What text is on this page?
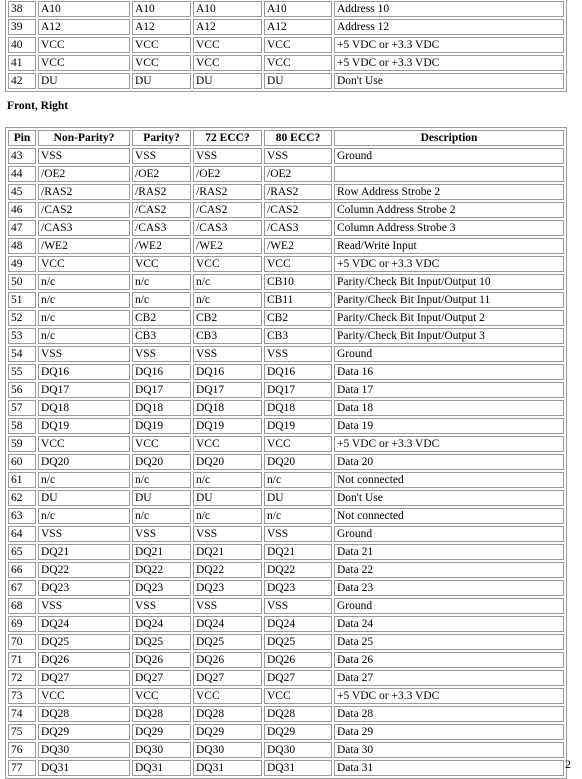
38	A10	A10	A10	A10	Address 10
39	A12	A12	A12	A12	Address 12
40	VCC	VCC	VCC	VCC	+5 VDC or +3.3 VDC
41	VCC	VCC	VCC	VCC	+5 VDC or +3.3 VDC
42	DU	DU	DU	DU	Don't Use
Front, Right
Pin	Non-Parity?	Parity?	72 ECC?	80 ECC?	Description
43	VSS	VSS	VSS	VSS	Ground
44	/OE2	/OE2	/OE2	/OE2	
45	/RAS2	/RAS2	/RAS2	/RAS2	Row Address Strobe 2
46	/CAS2	/CAS2	/CAS2	/CAS2	Column Address Strobe 2
47	/CAS3	/CAS3	/CAS3	/CAS3	Column Address Strobe 3
48	/WE2	/WE2	/WE2	/WE2	Read/Write Input
49	VCC	VCC	VCC	VCC	+5 VDC or +3.3 VDC
50	n/c	n/c	n/c	CB10	Parity/Check Bit Input/Output 10
51	n/c	n/c	n/c	CB11	Parity/Check Bit Input/Output 11
52	n/c	CB2	CB2	CB2	Parity/Check Bit Input/Output 2
53	n/c	CB3	CB3	CB3	Parity/Check Bit Input/Output 3
54	VSS	VSS	VSS	VSS	Ground
55	DQ16	DQ16	DQ16	DQ16	Data 16
56	DQ17	DQ17	DQ17	DQ17	Data 17
57	DQ18	DQ18	DQ18	DQ18	Data 18
58	DQ19	DQ19	DQ19	DQ19	Data 19
59	VCC	VCC	VCC	VCC	+5 VDC or +3.3 VDC
60	DQ20	DQ20	DQ20	DQ20	Data 20
61	n/c	n/c	n/c	n/c	Not connected
62	DU	DU	DU	DU	Don't Use
63	n/c	n/c	n/c	n/c	Not connected
64	VSS	VSS	VSS	VSS	Ground
65	DQ21	DQ21	DQ21	DQ21	Data 21
66	DQ22	DQ22	DQ22	DQ22	Data 22
67	DQ23	DQ23	DQ23	DQ23	Data 23
68	VSS	VSS	VSS	VSS	Ground
69	DQ24	DQ24	DQ24	DQ24	Data 24
70	DQ25	DQ25	DQ25	DQ25	Data 25
71	DQ26	DQ26	DQ26	DQ26	Data 26
72	DQ27	DQ27	DQ27	DQ27	Data 27
73	VCC	VCC	VCC	VCC	+5 VDC or +3.3 VDC
74	DQ28	DQ28	DQ28	DQ28	Data 28
75	DQ29	DQ29	DQ29	DQ29	Data 29
76	DQ30	DQ30	DQ30	DQ30	Data 30
77	DQ31	DQ31	DQ31	DQ31	Data 31	2
